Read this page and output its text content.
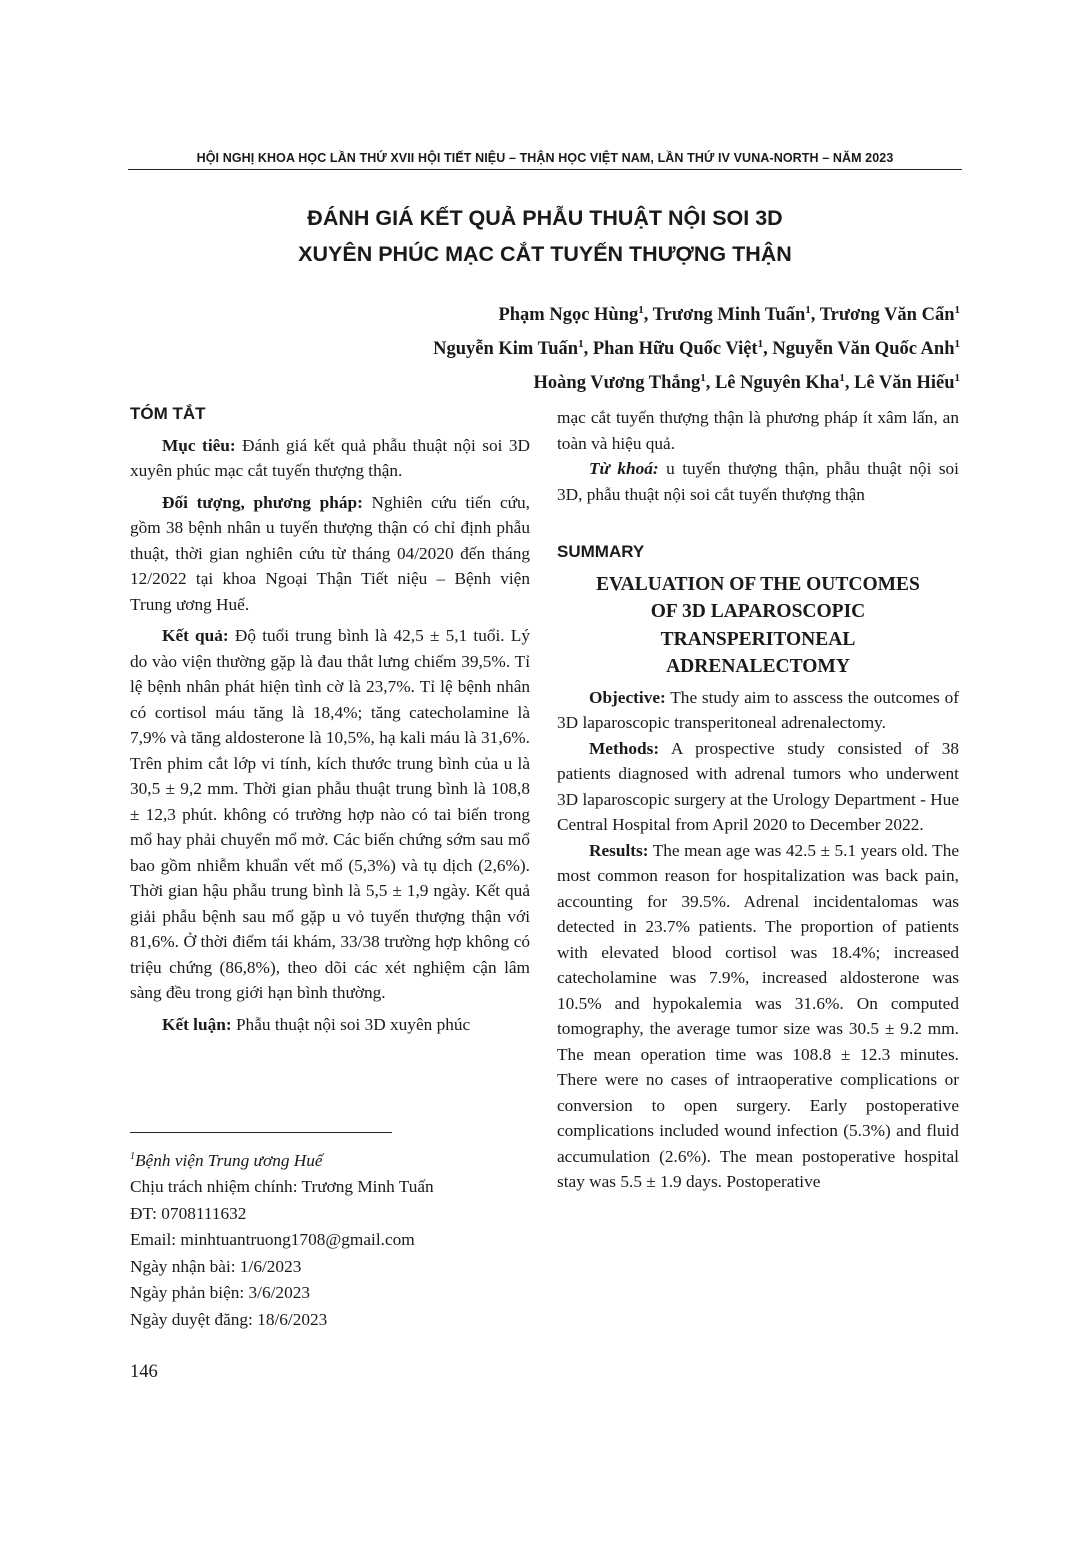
HỘI NGHỊ KHOA HỌC LẦN THỨ XVII HỘI TIẾT NIỆU – THẬN HỌC VIỆT NAM, LẦN THỨ IV VUNA-NORTH – NĂM 2023
ĐÁNH GIÁ KẾT QUẢ PHẪU THUẬT NỘI SOI 3D
XUYÊN PHÚC MẠC CẮT TUYẾN THƯỢNG THẬN
Phạm Ngọc Hùng$^1$, Trương Minh Tuấn$^1$, Trương Văn Cẩn$^1$
Nguyễn Kim Tuấn$^1$, Phan Hữu Quốc Việt$^1$, Nguyễn Văn Quốc Anh$^1$
Hoàng Vương Thắng$^1$, Lê Nguyên Kha$^1$, Lê Văn Hiếu$^1$
TÓM TẮT

Mục tiêu: Đánh giá kết quả phẫu thuật nội soi 3D xuyên phúc mạc cắt tuyến thượng thận.

Đối tượng, phương pháp: Nghiên cứu tiến cứu, gồm 38 bệnh nhân u tuyến thượng thận có chỉ định phẫu thuật, thời gian nghiên cứu từ tháng 04/2020 đến tháng 12/2022 tại khoa Ngoại Thận Tiết niệu – Bệnh viện Trung ương Huế.

Kết quả: Độ tuổi trung bình là 42,5 ± 5,1 tuổi. Lý do vào viện thường gặp là đau thắt lưng chiếm 39,5%. Tỉ lệ bệnh nhân phát hiện tình cờ là 23,7%. Tỉ lệ bệnh nhân có cortisol máu tăng là 18,4%; tăng catecholamine là 7,9% và tăng aldosterone là 10,5%, hạ kali máu là 31,6%. Trên phim cắt lớp vi tính, kích thước trung bình của u là 30,5 ± 9,2 mm. Thời gian phẫu thuật trung bình là 108,8 ± 12,3 phút. không có trường hợp nào có tai biến trong mổ hay phải chuyển mổ mở. Các biến chứng sớm sau mổ bao gồm nhiễm khuẩn vết mổ (5,3%) và tụ dịch (2,6%). Thời gian hậu phẫu trung bình là 5,5 ± 1,9 ngày. Kết quả giải phẫu bệnh sau mổ gặp u vỏ tuyến thượng thận với 81,6%. Ở thời điểm tái khám, 33/38 trường hợp không có triệu chứng (86,8%), theo dõi các xét nghiệm cận lâm sàng đều trong giới hạn bình thường.

Kết luận: Phẫu thuật nội soi 3D xuyên phúc

$^1$Bệnh viện Trung ương Huế
Chịu trách nhiệm chính: Trương Minh Tuấn
ĐT: 0708111632
Email: minhtuantruong1708@gmail.com
Ngày nhận bài: 1/6/2023
Ngày phản biện: 3/6/2023
Ngày duyệt đăng: 18/6/2023

mạc cắt tuyến thượng thận là phương pháp ít xâm lấn, an toàn và hiệu quả.

Từ khoá: u tuyến thượng thận, phẫu thuật nội soi 3D, phẫu thuật nội soi cắt tuyến thượng thận

SUMMARY
EVALUATION OF THE OUTCOMES
OF 3D LAPAROSCOPIC
TRANSPERITONEAL
ADRENALECTOMY

Objective: The study aim to asscess the outcomes of 3D laparoscopic transperitoneal adrenalectomy.

Methods: A prospective study consisted of 38 patients diagnosed with adrenal tumors who underwent 3D laparoscopic surgery at the Urology Department - Hue Central Hospital from April 2020 to December 2022.

Results: The mean age was 42.5 ± 5.1 years old. The most common reason for hospitalization was back pain, accounting for 39.5%. Adrenal incidentalomas was detected in 23.7% patients. The proportion of patients with elevated blood cortisol was 18.4%; increased catecholamine was 7.9%, increased aldosterone was 10.5% and hypokalemia was 31.6%. On computed tomography, the average tumor size was 30.5 ± 9.2 mm. The mean operation time was 108.8 ± 12.3 minutes. There were no cases of intraoperative complications or conversion to open surgery. Early postoperative complications included wound infection (5.3%) and fluid accumulation (2.6%). The mean postoperative hospital stay was 5.5 ± 1.9 days. Postoperative

146
